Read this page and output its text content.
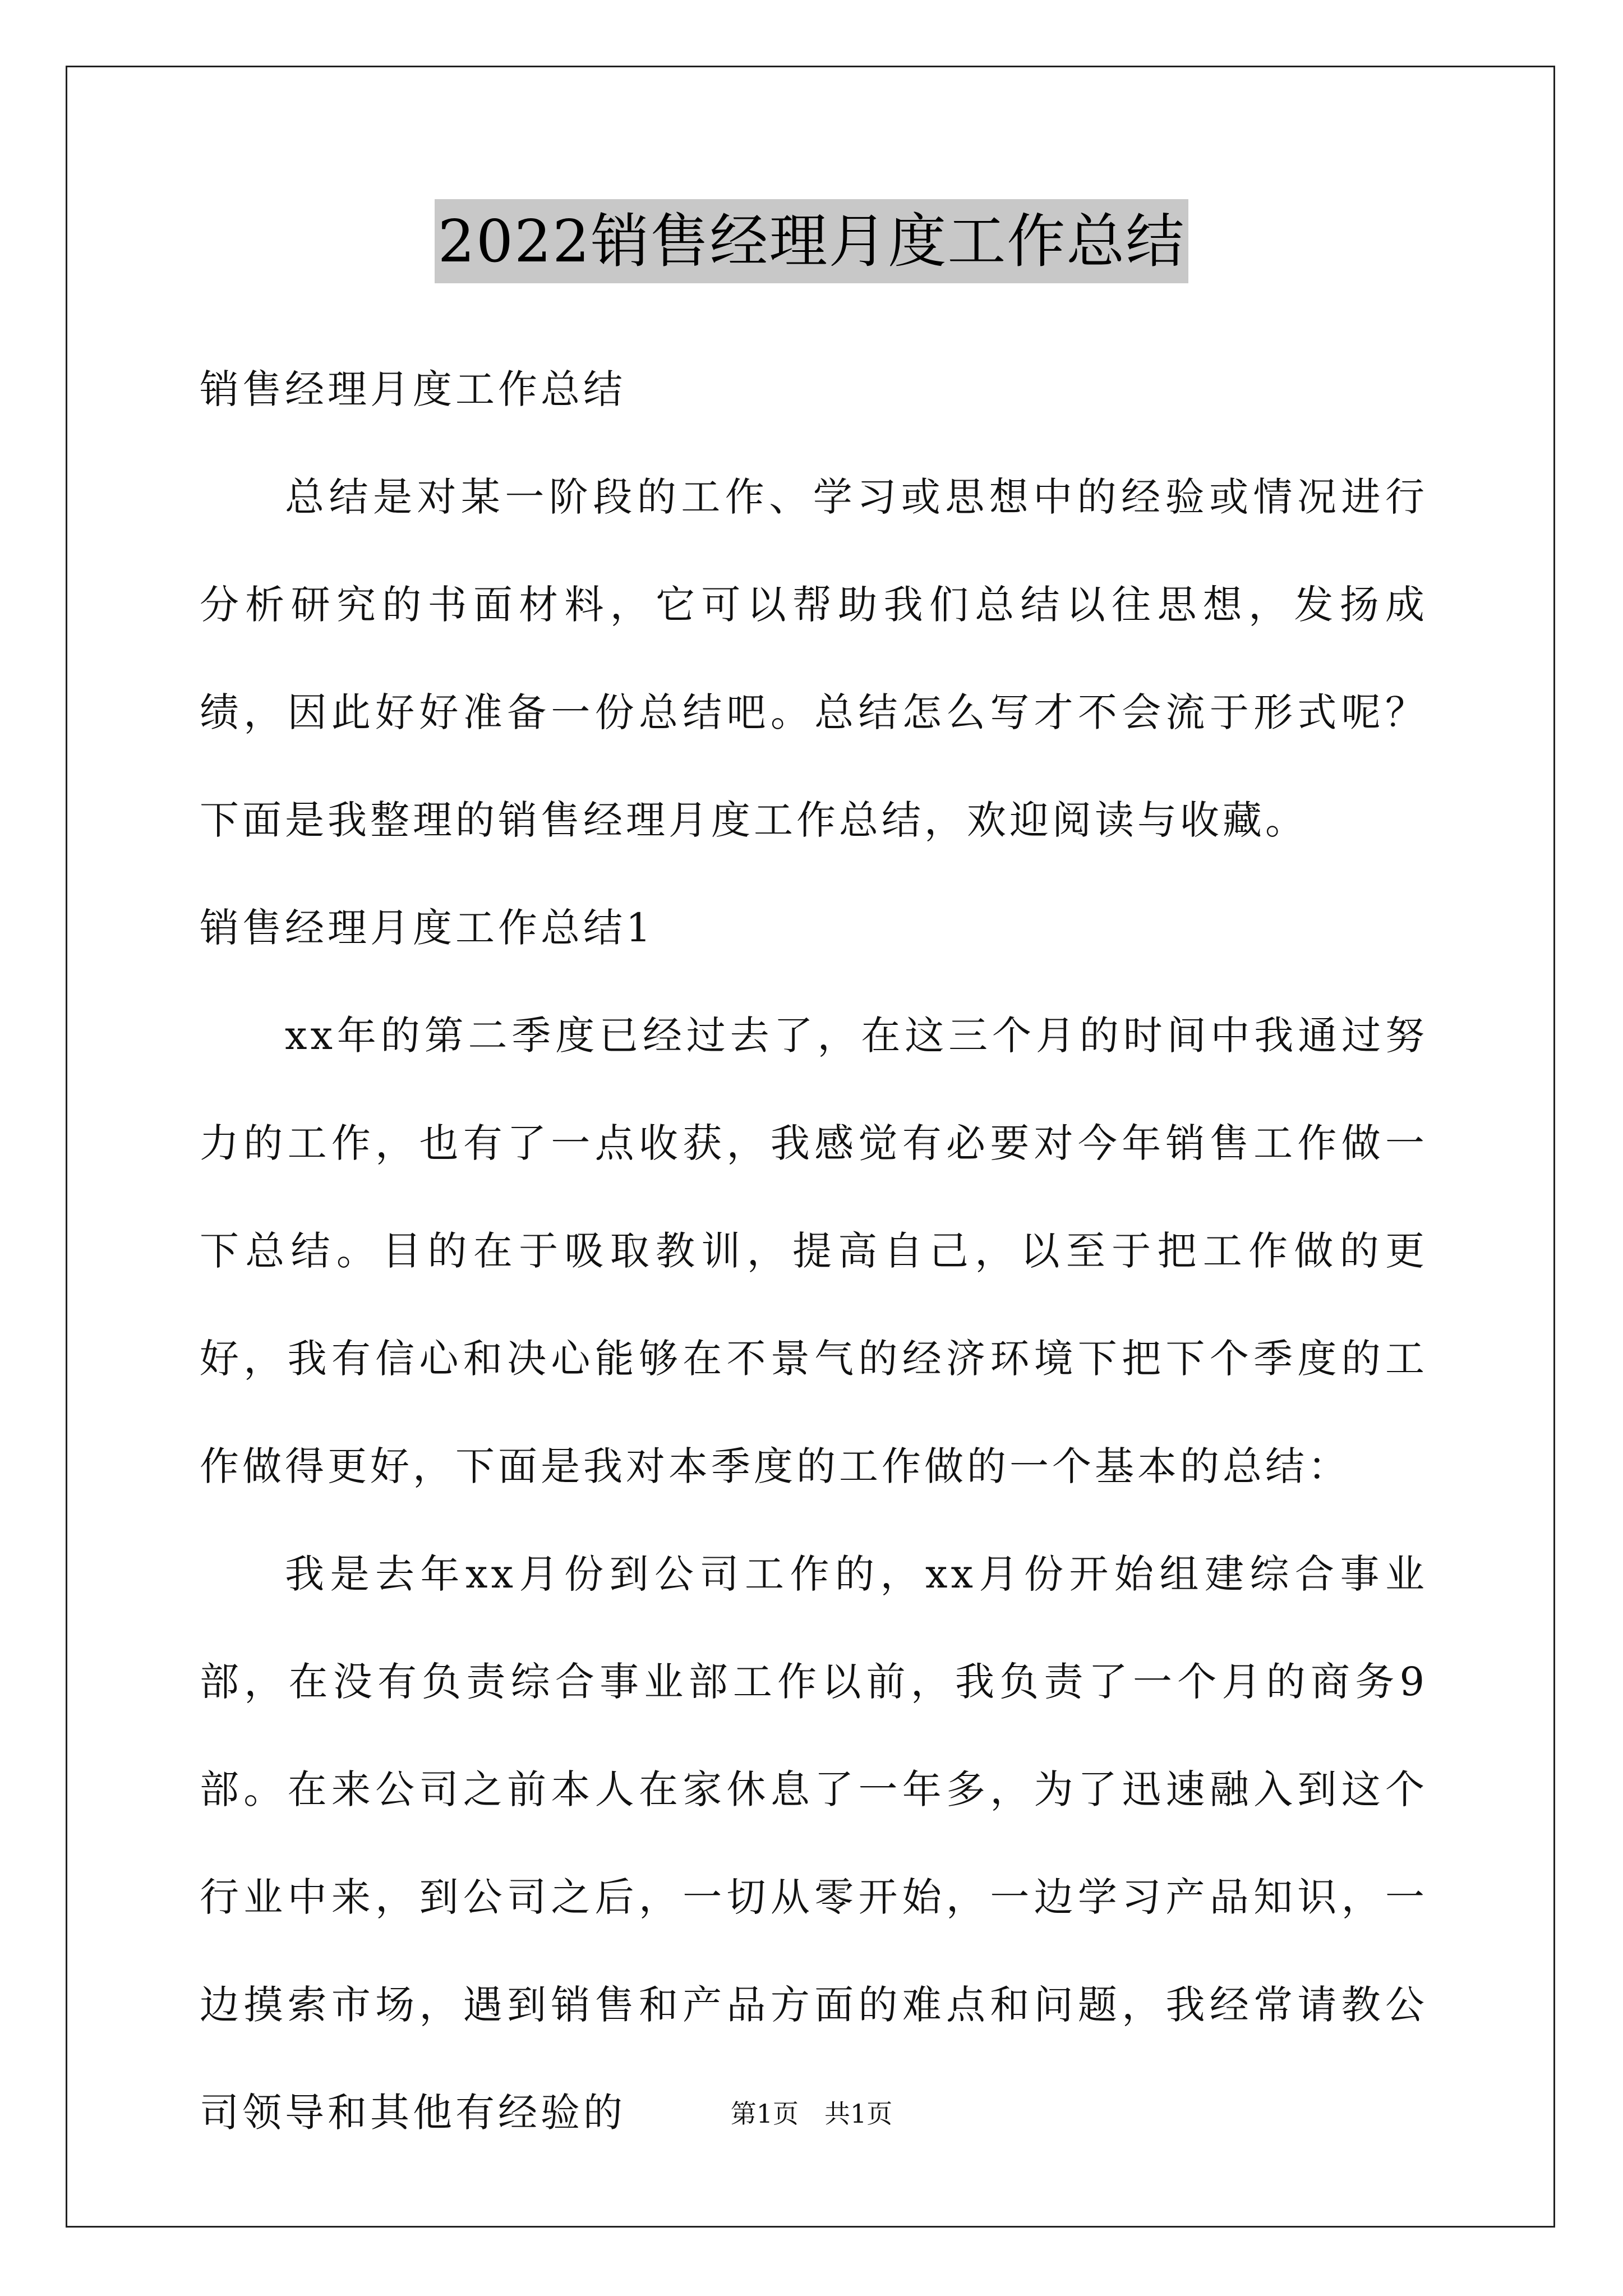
2022销售经理月度工作总结

销售经理月度工作总结

总结是对某一阶段的工作、学习或思想中的经验或情况进行分析研究的书面材料，它可以帮助我们总结以往思想，发扬成绩，因此好好准备一份总结吧。总结怎么写才不会流于形式呢？下面是我整理的销售经理月度工作总结，欢迎阅读与收藏。

销售经理月度工作总结1

xx年的第二季度已经过去了，在这三个月的时间中我通过努力的工作，也有了一点收获，我感觉有必要对今年销售工作做一下总结。目的在于吸取教训，提高自己，以至于把工作做的更好，我有信心和决心能够在不景气的经济环境下把下个季度的工作做得更好，下面是我对本季度的工作做的一个基本的总结：

我是去年xx月份到公司工作的，xx月份开始组建综合事业部，在没有负责综合事业部工作以前，我负责了一个月的商务9部。在来公司之前本人在家休息了一年多，为了迅速融入到这个行业中来，到公司之后，一切从零开始，一边学习产品知识，一边摸索市场，遇到销售和产品方面的难点和问题，我经常请教公司领导和其他有经验的	第1页 共1页
